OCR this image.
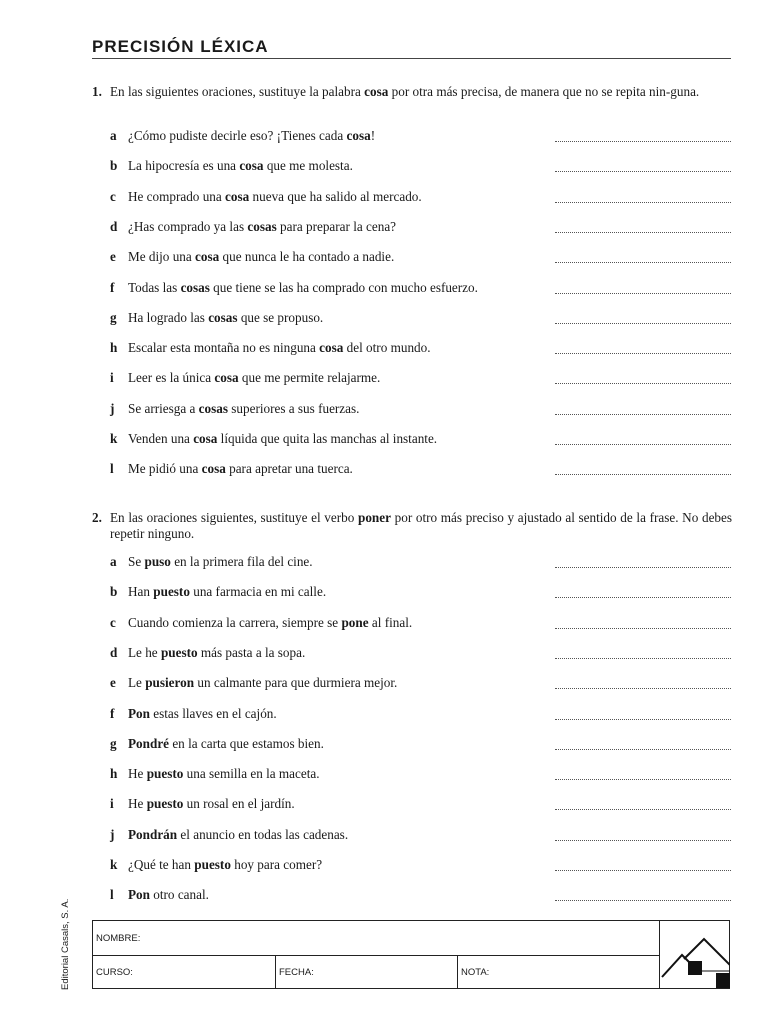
PRECISIÓN LÉXICA
1. En las siguientes oraciones, sustituye la palabra cosa por otra más precisa, de manera que no se repita nin-guna.
a ¿Cómo pudiste decirle eso? ¡Tienes cada cosa!
b La hipocresía es una cosa que me molesta.
c He comprado una cosa nueva que ha salido al mercado.
d ¿Has comprado ya las cosas para preparar la cena?
e Me dijo una cosa que nunca le ha contado a nadie.
f Todas las cosas que tiene se las ha comprado con mucho esfuerzo.
g Ha logrado las cosas que se propuso.
h Escalar esta montaña no es ninguna cosa del otro mundo.
i Leer es la única cosa que me permite relajarme.
j Se arriesga a cosas superiores a sus fuerzas.
k Venden una cosa líquida que quita las manchas al instante.
l Me pidió una cosa para apretar una tuerca.
2. En las oraciones siguientes, sustituye el verbo poner por otro más preciso y ajustado al sentido de la frase. No debes repetir ninguno.
a Se puso en la primera fila del cine.
b Han puesto una farmacia en mi calle.
c Cuando comienza la carrera, siempre se pone al final.
d Le he puesto más pasta a la sopa.
e Le pusieron un calmante para que durmiera mejor.
f Pon estas llaves en el cajón.
g Pondré en la carta que estamos bien.
h He puesto una semilla en la maceta.
i He puesto un rosal en el jardín.
j Pondrán el anuncio en todas las cadenas.
k ¿Qué te han puesto hoy para comer?
l Pon otro canal.
Editorial Casals, S. A.	NOMBRE:
CURSO:	FECHA:	NOTA:
